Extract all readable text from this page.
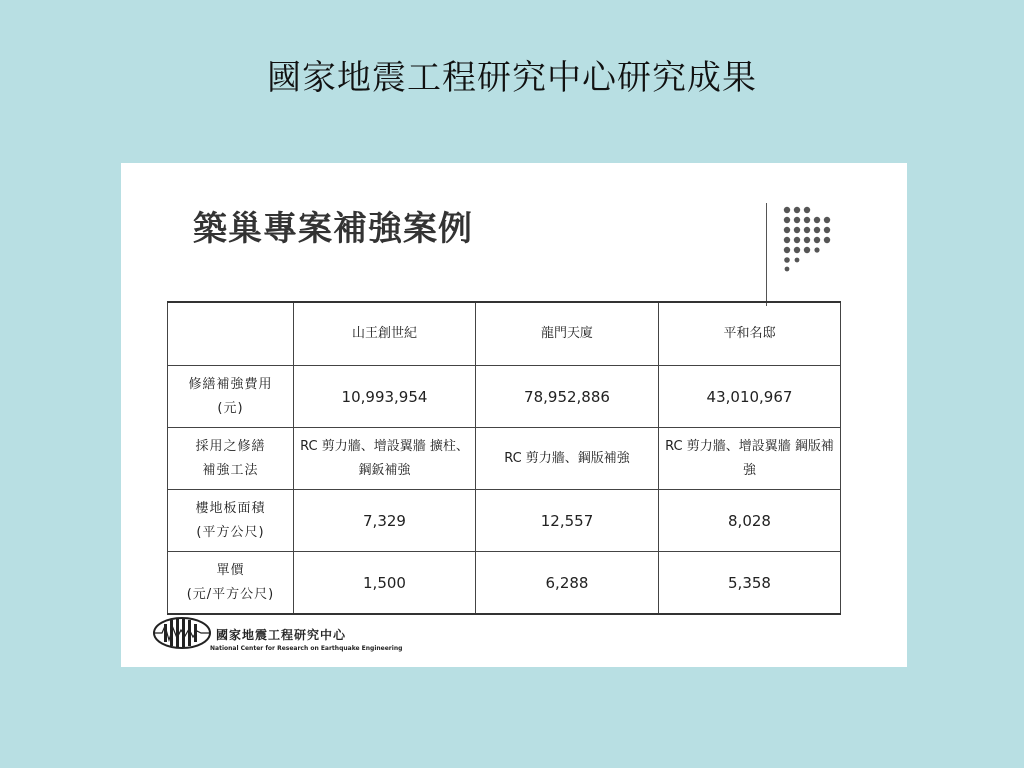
國家地震工程研究中心研究成果
築巢專案補強案例
	山王創世紀	龍門天廈	平和名邸
修繕補強費用
(元)	10,993,954	78,952,886	43,010,967
採用之修繕
補強工法	RC 剪力牆、增設翼牆 擴柱、鋼鈑補強	RC 剪力牆、鋼版補強	RC 剪力牆、增設翼牆 鋼版補強
樓地板面積
(平方公尺)	7,329	12,557	8,028
單價
(元/平方公尺)	1,500	6,288	5,358
國家地震工程研究中心
National Center for Research on Earthquake Engineering
